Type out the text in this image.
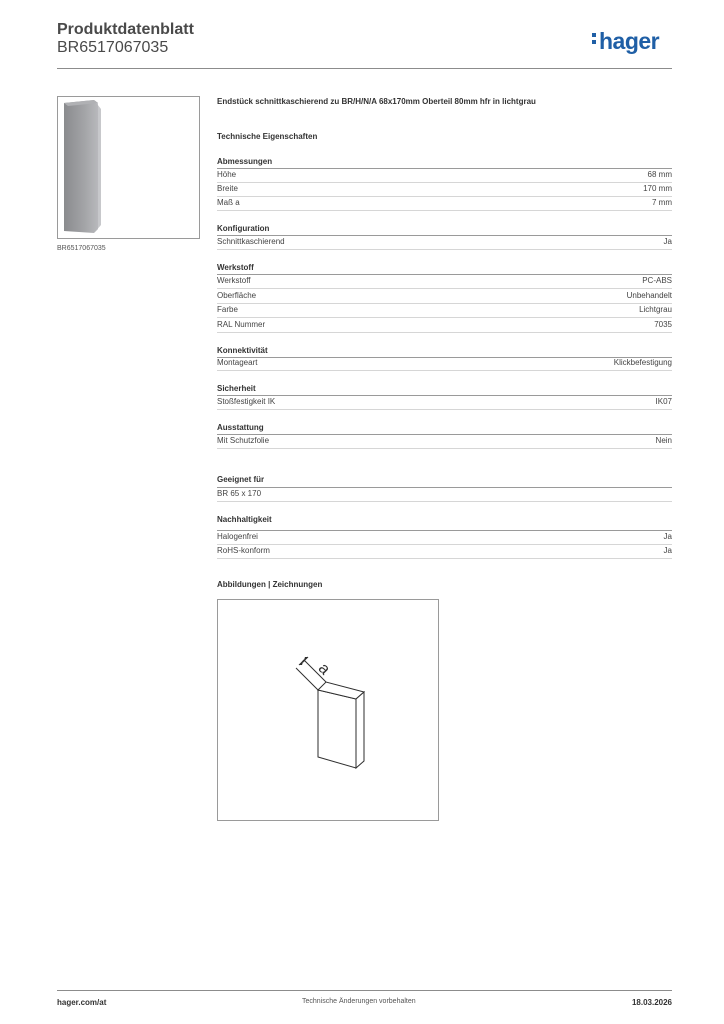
Produktdatenblatt
BR6517067035	hager
BR6517067035
Endstück schnittkaschierend zu BR/H/N/A 68x170mm Oberteil 80mm hfr in lichtgrau
Technische Eigenschaften
Abmessungen
Höhe	68 mm
Breite	170 mm
Maß a	7 mm
Konfiguration
Schnittkaschierend	Ja
Werkstoff
Werkstoff	PC-ABS
Oberfläche	Unbehandelt
Farbe	Lichtgrau
RAL Nummer	7035
Konnektivität
Montageart	Klickbefestigung
Sicherheit
Stoßfestigkeit IK	IK07
Ausstattung
Mit Schutzfolie	Nein
Geeignet für
BR 65 x 170
Nachhaltigkeit
Halogenfrei	Ja
RoHS-konform	Ja
Abbildungen | Zeichnungen
a
hager.com/at	Technische Änderungen vorbehalten	18.03.2026
